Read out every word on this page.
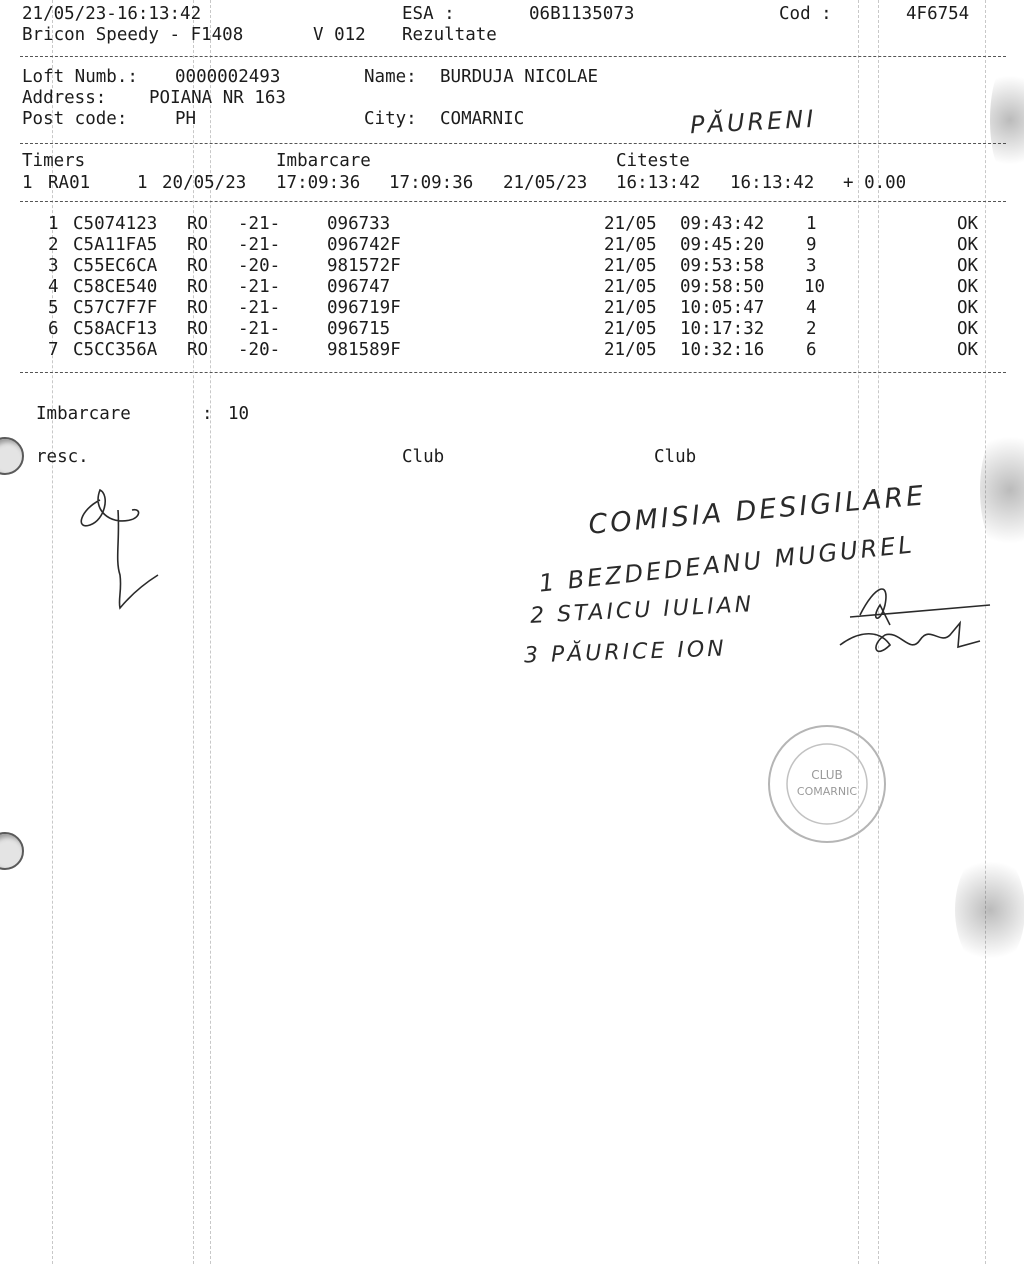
21/05/23-16:13:42	ESA :	06B1135073	Cod :	4F6754
Bricon Speedy - F1408	V 012 Rezultate
Loft Numb.: 0000002493	Name: BURDUJA NICOLAE
Address: POIANA NR 163
Post code:	PH	City: COMARNIC	PĂURENI
Timers	Imbarcare	Citeste
1 RA01	1 20/05/23 17:09:36 17:09:36 21/05/23 16:13:42 16:13:42 + 0.00
1 C5074123 RO -21-	096733	21/05 09:43:42 1	OK
2 C5A11FA5 RO -21-	096742F	21/05 09:45:20 9	OK
3 C55EC6CA RO -20-	981572F	21/05 09:53:58 3	OK
4 C58CE540 RO -21-	096747	21/05 09:58:50 10	OK
5 C57C7F7F RO -21-	096719F	21/05 10:05:47 4	OK
6 C58ACF13 RO -21-	096715	21/05 10:17:32 2	OK
7 C5CC356A RO -20-	981589F	21/05 10:32:16 6	OK
Imbarcare	: 10
resc.	Club	Club
COMISIA DESIGILARE
1 BEZDEDEANU MUGUREL
2 STAICU IULIAN
3 PĂURICE ION
CLUB
COMARNIC
